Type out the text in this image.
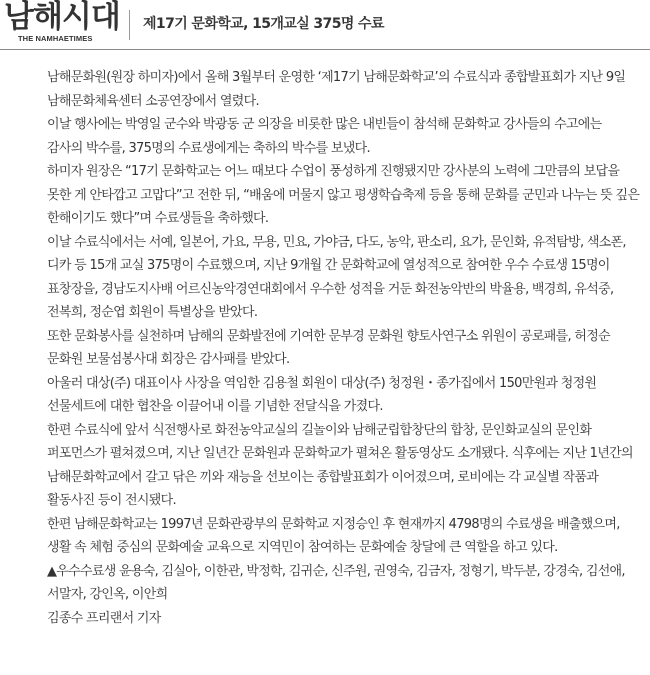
남해시대
THE NAMHAETIMES
제17기 문화학교, 15개교실 375명 수료

남해문화원(원장 하미자)에서 올해 3월부터 운영한 ‘제17기 남해문화학교’의 수료식과 종합발표회가 지난 9일 남해문화체육센터 소공연장에서 열렸다.

이날 행사에는 박영일 군수와 박광동 군 의장을 비롯한 많은 내빈들이 참석해 문화학교 강사들의 수고에는 감사의 박수를, 375명의 수료생에게는 축하의 박수를 보냈다.

하미자 원장은 “17기 문화학교는 어느 때보다 수업이 풍성하게 진행됐지만 강사분의 노력에 그만큼의 보답을 못한 게 안타깝고 고맙다”고 전한 뒤, “배움에 머물지 않고 평생학습축제 등을 통해 문화를 군민과 나누는 뜻 깊은 한해이기도 했다”며 수료생들을 축하했다.

이날 수료식에서는 서예, 일본어, 가요, 무용, 민요, 가야금, 다도, 농악, 판소리, 요가, 문인화, 유적탐방, 색소폰, 디카 등 15개 교실 375명이 수료했으며, 지난 9개월 간 문화학교에 열성적으로 참여한 우수 수료생 15명이 표창장을, 경남도지사배 어르신농악경연대회에서 우수한 성적을 거둔 화전농악반의 박율용, 백경희, 유석중, 전복희, 정순엽 회원이 특별상을 받았다.

또한 문화봉사를 실천하며 남해의 문화발전에 기여한 문부경 문화원 향토사연구소 위원이 공로패를, 허정순 문화원 보물섬봉사대 회장은 감사패를 받았다.

아울러 대상(주) 대표이사 사장을 역임한 김용철 회원이 대상(주) 청정원・종가집에서 150만원과 청정원 선물세트에 대한 협찬을 이끌어내 이를 기념한 전달식을 가졌다.

한편 수료식에 앞서 식전행사로 화전농악교실의 길놀이와 남해군립합창단의 합창, 문인화교실의 문인화 퍼포먼스가 펼쳐졌으며, 지난 일년간 문화원과 문화학교가 펼쳐온 활동영상도 소개됐다. 식후에는 지난 1년간의 남해문화학교에서 갈고 닦은 끼와 재능을 선보이는 종합발표회가 이어졌으며, 로비에는 각 교실별 작품과 활동사진 등이 전시됐다.

한편 남해문화학교는 1997년 문화관광부의 문화학교 지정승인 후 현재까지 4798명의 수료생을 배출했으며, 생활 속 체험 중심의 문화예술 교육으로 지역민이 참여하는 문화예술 창달에 큰 역할을 하고 있다.

▲우수수료생 윤용숙, 김실아, 이한관, 박정학, 김귀순, 신주원, 권영숙, 김금자, 정형기, 박두분, 강경숙, 김선애, 서말자, 강인옥, 이안희

김종수 프리랜서 기자
